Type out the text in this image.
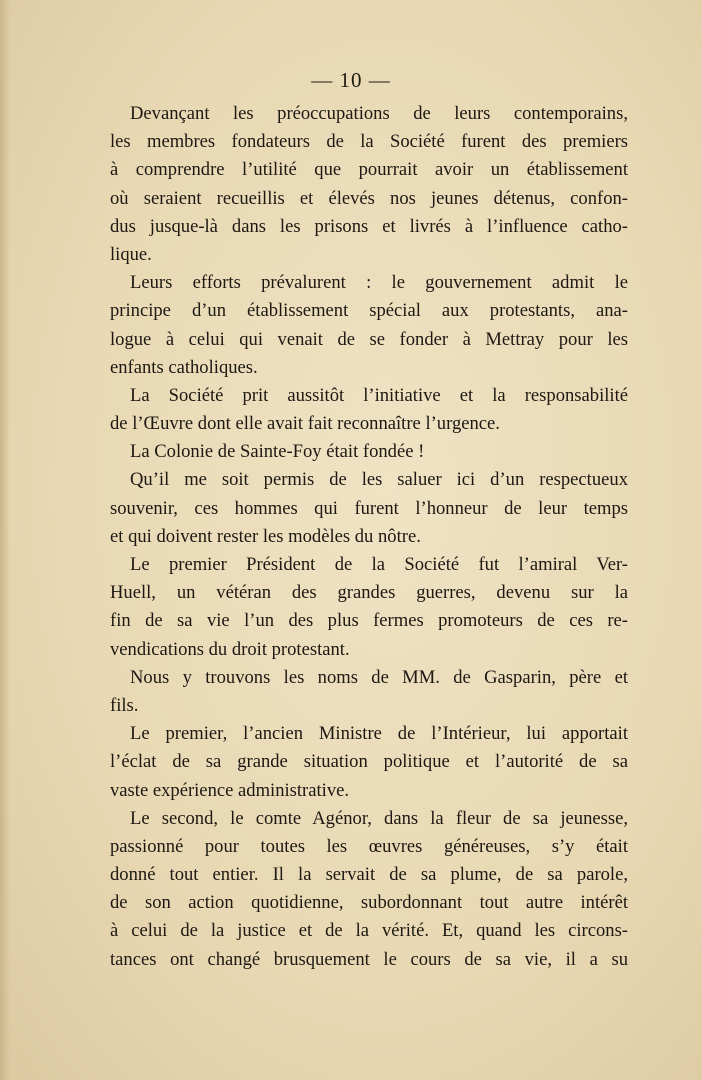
— 10 —
Devançant les préoccupations de leurs contemporains,
les membres fondateurs de la Société furent des premiers
à comprendre l’utilité que pourrait avoir un établissement
où seraient recueillis et élevés nos jeunes détenus, confon-
dus jusque-là dans les prisons et livrés à l’influence catho-
lique.
Leurs efforts prévalurent : le gouvernement admit le
principe d’un établissement spécial aux protestants, ana-
logue à celui qui venait de se fonder à Mettray pour les
enfants catholiques.
La Société prit aussitôt l’initiative et la responsabilité
de l’Œuvre dont elle avait fait reconnaître l’urgence.
La Colonie de Sainte-Foy était fondée !
Qu’il me soit permis de les saluer ici d’un respectueux
souvenir, ces hommes qui furent l’honneur de leur temps
et qui doivent rester les modèles du nôtre.
Le premier Président de la Société fut l’amiral Ver-
Huell, un vétéran des grandes guerres, devenu sur la
fin de sa vie l’un des plus fermes promoteurs de ces re-
vendications du droit protestant.
Nous y trouvons les noms de MM. de Gasparin, père et
fils.
Le premier, l’ancien Ministre de l’Intérieur, lui apportait
l’éclat de sa grande situation politique et l’autorité de sa
vaste expérience administrative.
Le second, le comte Agénor, dans la fleur de sa jeunesse,
passionné pour toutes les œuvres généreuses, s’y était
donné tout entier. Il la servait de sa plume, de sa parole,
de son action quotidienne, subordonnant tout autre intérêt
à celui de la justice et de la vérité. Et, quand les circons-
tances ont changé brusquement le cours de sa vie, il a su
